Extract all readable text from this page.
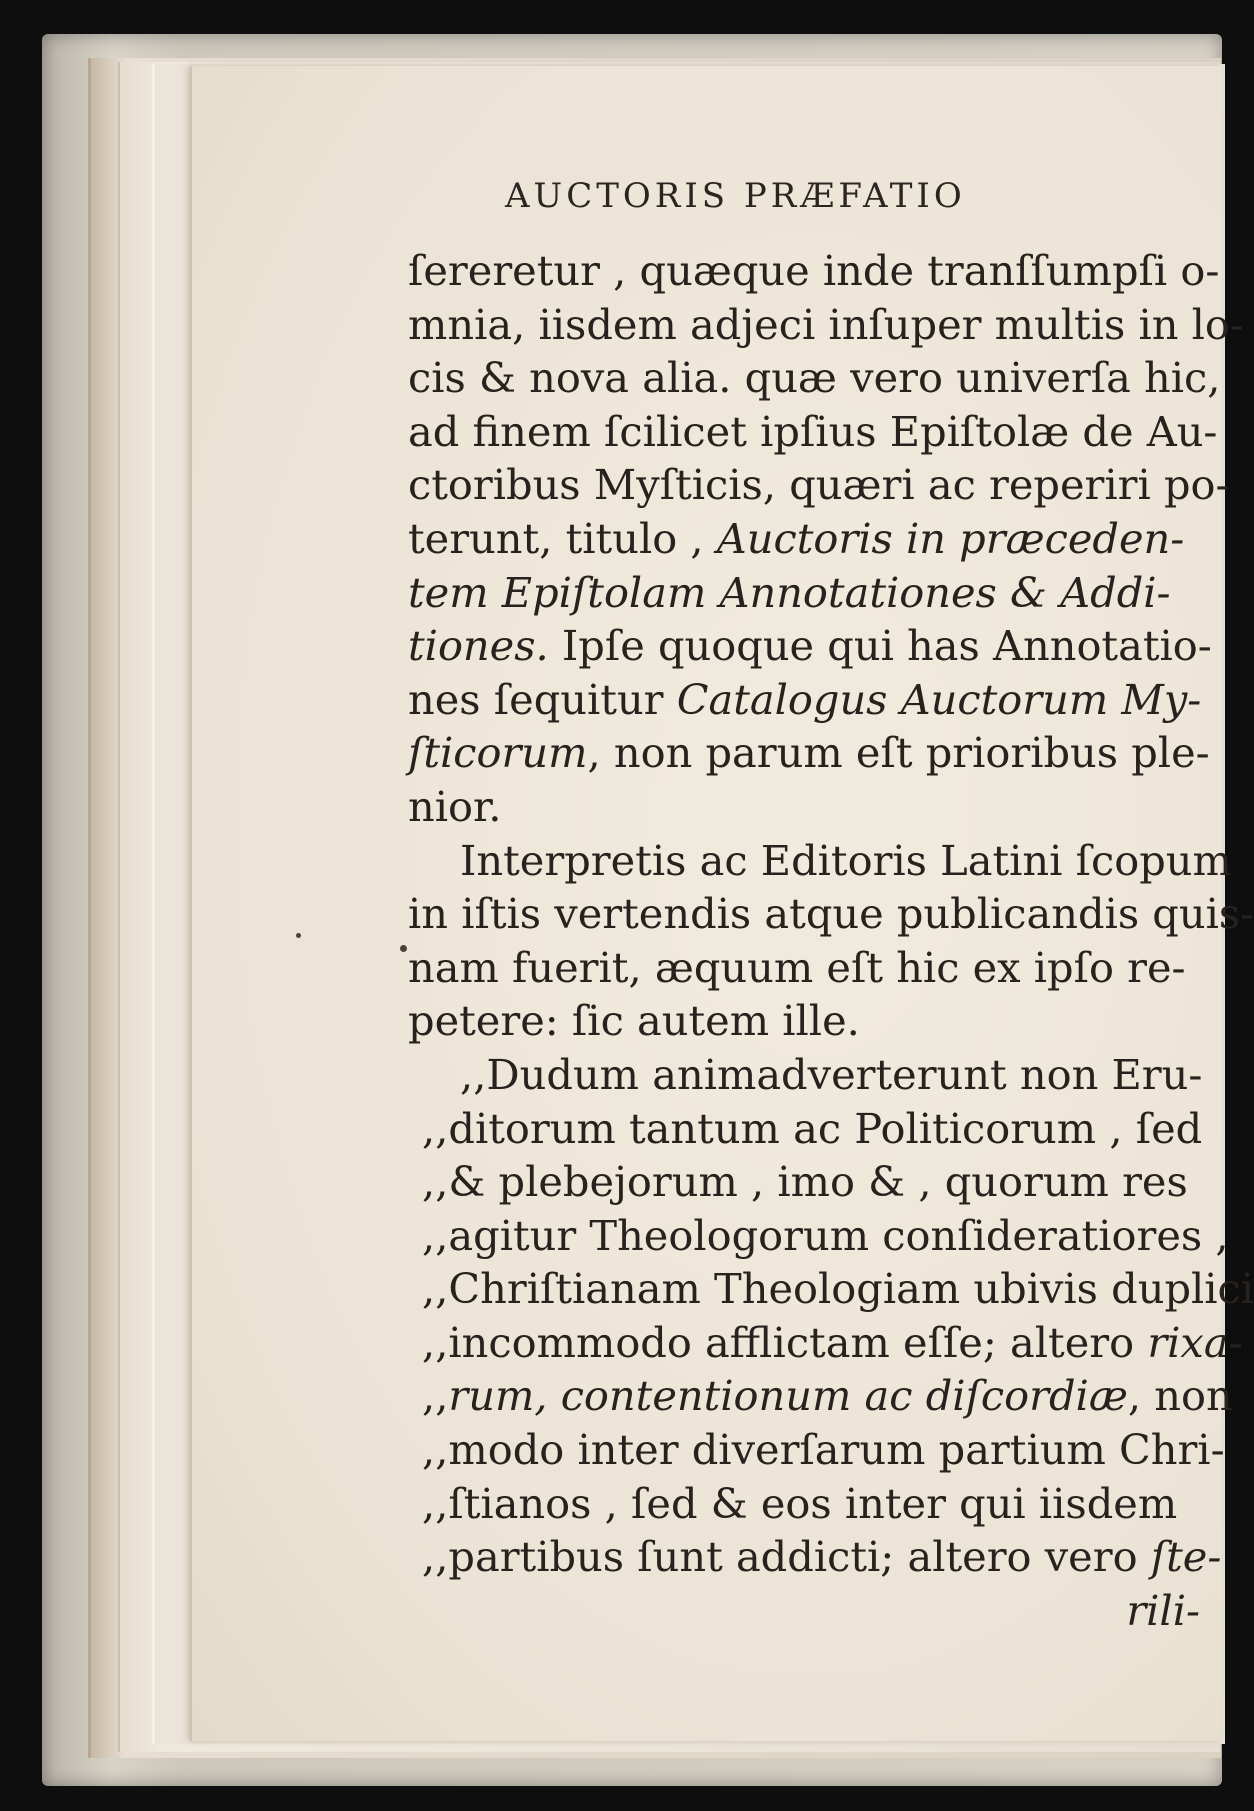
AUCTORIS PRÆFATIO
ſereretur , quæque inde tranſſumpſi o-
mnia, iisdem adjeci inſuper multis in lo-
cis & nova alia. quæ vero univerſa hic,
ad finem ſcilicet ipſius Epiſtolæ de Au-
ctoribus Myſticis, quæri ac reperiri po-
terunt, titulo , Auctoris in præceden-
tem Epiſtolam Annotationes & Addi-
tiones. Ipſe quoque qui has Annotatio-
nes ſequitur Catalogus Auctorum My-
ſticorum, non parum eſt prioribus ple-
nior.
Interpretis ac Editoris Latini ſcopum
in iſtis vertendis atque publicandis quis-
nam fuerit, æquum eſt hic ex ipſo re-
petere: ſic autem ille.
,,Dudum animadverterunt non Eru-
,,ditorum tantum ac Politicorum , ſed
,,& plebejorum , imo & , quorum res
,,agitur Theologorum conſideratiores ,
,,Chriſtianam Theologiam ubivis duplici
,,incommodo afflictam eſſe; altero rixa-
,,rum, contentionum ac diſcordiæ, non
,,modo inter diverſarum partium Chri-
,,ſtianos , ſed & eos inter qui iisdem
,,partibus ſunt addicti; altero vero ſte-
rili-
